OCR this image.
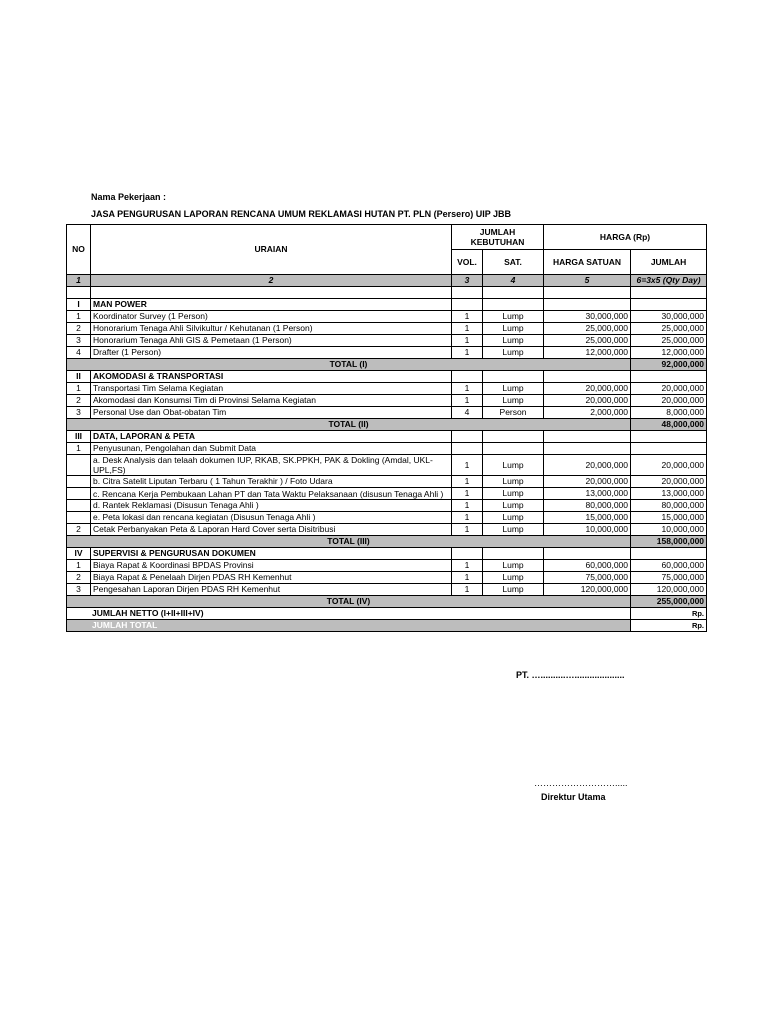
Nama Pekerjaan :
JASA PENGURUSAN LAPORAN RENCANA UMUM REKLAMASI HUTAN PT. PLN (Persero) UIP JBB
NO	URAIAN	JUMLAH KEBUTUHAN		HARGA (Rp)		
		VOL.	SAT.	HARGA SATUAN	JUMLAH	
1	2	3	4	5	6=3x5 (Qty Day)	

I	MAN POWER					
1	Koordinator Survey (1 Person)	1	Lump	30,000,000	30,000,000	
2	Honorarium Tenaga Ahli Silvikultur / Kehutanan (1 Person)	1	Lump	25,000,000	25,000,000	
3	Honorarium Tenaga Ahli GIS & Pemetaan (1 Person)	1	Lump	25,000,000	25,000,000	
4	Drafter (1 Person)	1	Lump	12,000,000	12,000,000	
TOTAL (I)					92,000,000	
II	AKOMODASI & TRANSPORTASI					
1	Transportasi Tim Selama Kegiatan	1	Lump	20,000,000	20,000,000	
2	Akomodasi dan Konsumsi Tim di Provinsi Selama Kegiatan	1	Lump	20,000,000	20,000,000	
3	Personal Use dan Obat-obatan Tim	4	Person	2,000,000	8,000,000	
TOTAL (II)					48,000,000	
III	DATA, LAPORAN & PETA					
1	Penyusunan, Pengolahan dan Submit Data					
	a. Desk Analysis dan telaah dokumen IUP, RKAB, SK.PPKH, PAK & Dokling (Amdal, UKL-UPL,FS)	1	Lump	20,000,000	20,000,000	
	b. Citra Satelit Liputan Terbaru ( 1 Tahun Terakhir ) / Foto Udara	1	Lump	20,000,000	20,000,000	
	c. Rencana Kerja Pembukaan Lahan PT dan Tata Waktu Pelaksanaan (disusun Tenaga Ahli )	1	Lump	13,000,000	13,000,000	
	d. Rantek Reklamasi (Disusun Tenaga Ahli )	1	Lump	80,000,000	80,000,000	
	e. Peta lokasi dan rencana kegiatan (Disusun Tenaga Ahli )	1	Lump	15,000,000	15,000,000	
2	Cetak Perbanyakan Peta & Laporan Hard Cover serta Disitribusi	1	Lump	10,000,000	10,000,000	
TOTAL (III)					158,000,000	
IV	SUPERVISI & PENGURUSAN DOKUMEN					
1	Biaya Rapat & Koordinasi BPDAS Provinsi	1	Lump	60,000,000	60,000,000	
2	Biaya Rapat & Penelaah Dirjen PDAS RH Kemenhut	1	Lump	75,000,000	75,000,000	
3	Pengesahan Laporan Dirjen PDAS RH Kemenhut	1	Lump	120,000,000	120,000,000	
TOTAL (IV)					255,000,000	
JUMLAH NETTO (I+II+III+IV)					Rp.	
JUMLAH TOTAL					Rp.	
PT. …..........…....................
……………………….....
Direktur Utama
